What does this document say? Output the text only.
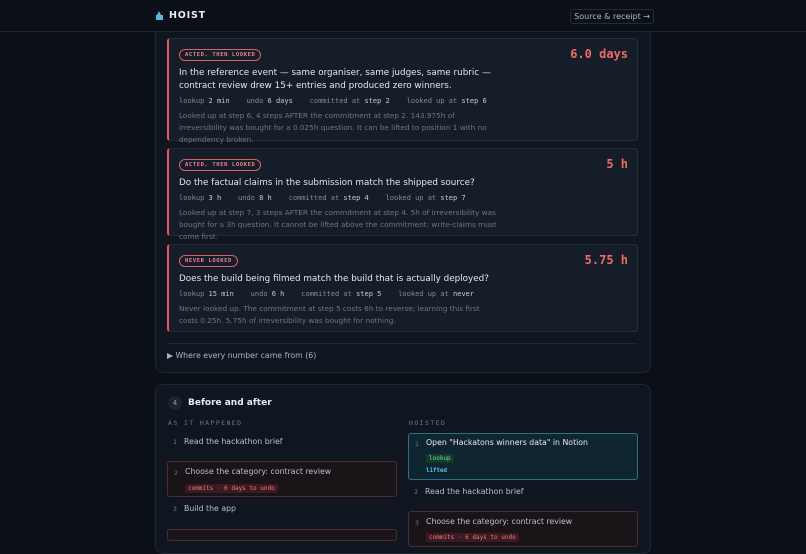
HOIST	Source & receipt →
ACTED, THEN LOOKED	6.0 days
In the reference event — same organiser, same judges, same rubric — contract review drew 15+ entries and produced zero winners.
lookup 2 min undo 6 days committed at step 2 looked up at step 6
Looked up at step 6, 4 steps AFTER the commitment at step 2. 143.975h of irreversibility was bought for a 0.025h question. It can be lifted to position 1 with no dependency broken.
ACTED, THEN LOOKED	5 h
Do the factual claims in the submission match the shipped source?
lookup 3 h undo 8 h committed at step 4 looked up at step 7
Looked up at step 7, 3 steps AFTER the commitment at step 4. 5h of irreversibility was bought for a 3h question. It cannot be lifted above the commitment: write-claims must come first.
NEVER LOOKED	5.75 h
Does the build being filmed match the build that is actually deployed?
lookup 15 min undo 6 h committed at step 5 looked up at never
Never looked up. The commitment at step 5 costs 6h to reverse; learning this first costs 0.25h. 5.75h of irreversibility was bought for nothing.
▶ Where every number came from (6)
4	Before and after
AS IT HAPPENED	HOISTED
1 Read the hackathon brief
2 Choose the category: contract review
commits · 6 days to undo
3 Build the app
1 Open "Hackatons winners data" in Notion
lookup
lifted
2 Read the hackathon brief
3 Choose the category: contract review
commits · 6 days to undo
